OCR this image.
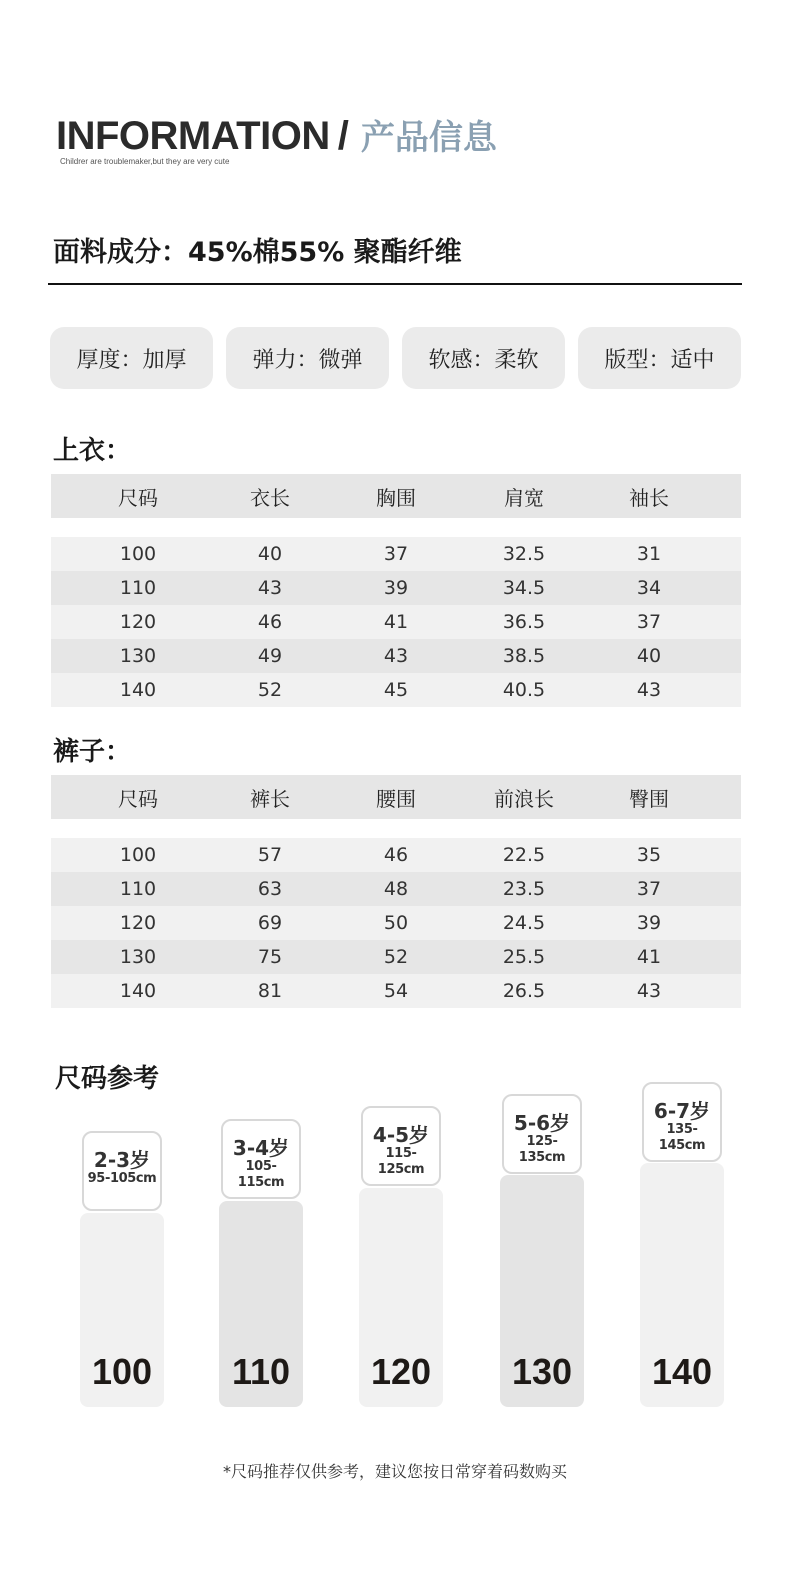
INFORMATION / 产品信息
Childrer are troublemaker,but they are very cute
面料成分：45%棉55% 聚酯纤维
厚度：加厚	弹力：微弹	软感：柔软	版型：适中
上衣：
尺码	衣长	胸围	肩宽	袖长
100	40	37	32.5	31
110	43	39	34.5	34
120	46	41	36.5	37
130	49	43	38.5	40
140	52	45	40.5	43
裤子：
尺码	裤长	腰围	前浪长	臀围
100	57	46	22.5	35
110	63	48	23.5	37
120	69	50	24.5	39
130	75	52	25.5	41
140	81	54	26.5	43
尺码参考
100
2-3岁
95-105cm
110
3-4岁
105-115cm
120
4-5岁
115-125cm
130
5-6岁
125-135cm
140
6-7岁
135-145cm
*尺码推荐仅供参考，建议您按日常穿着码数购买
